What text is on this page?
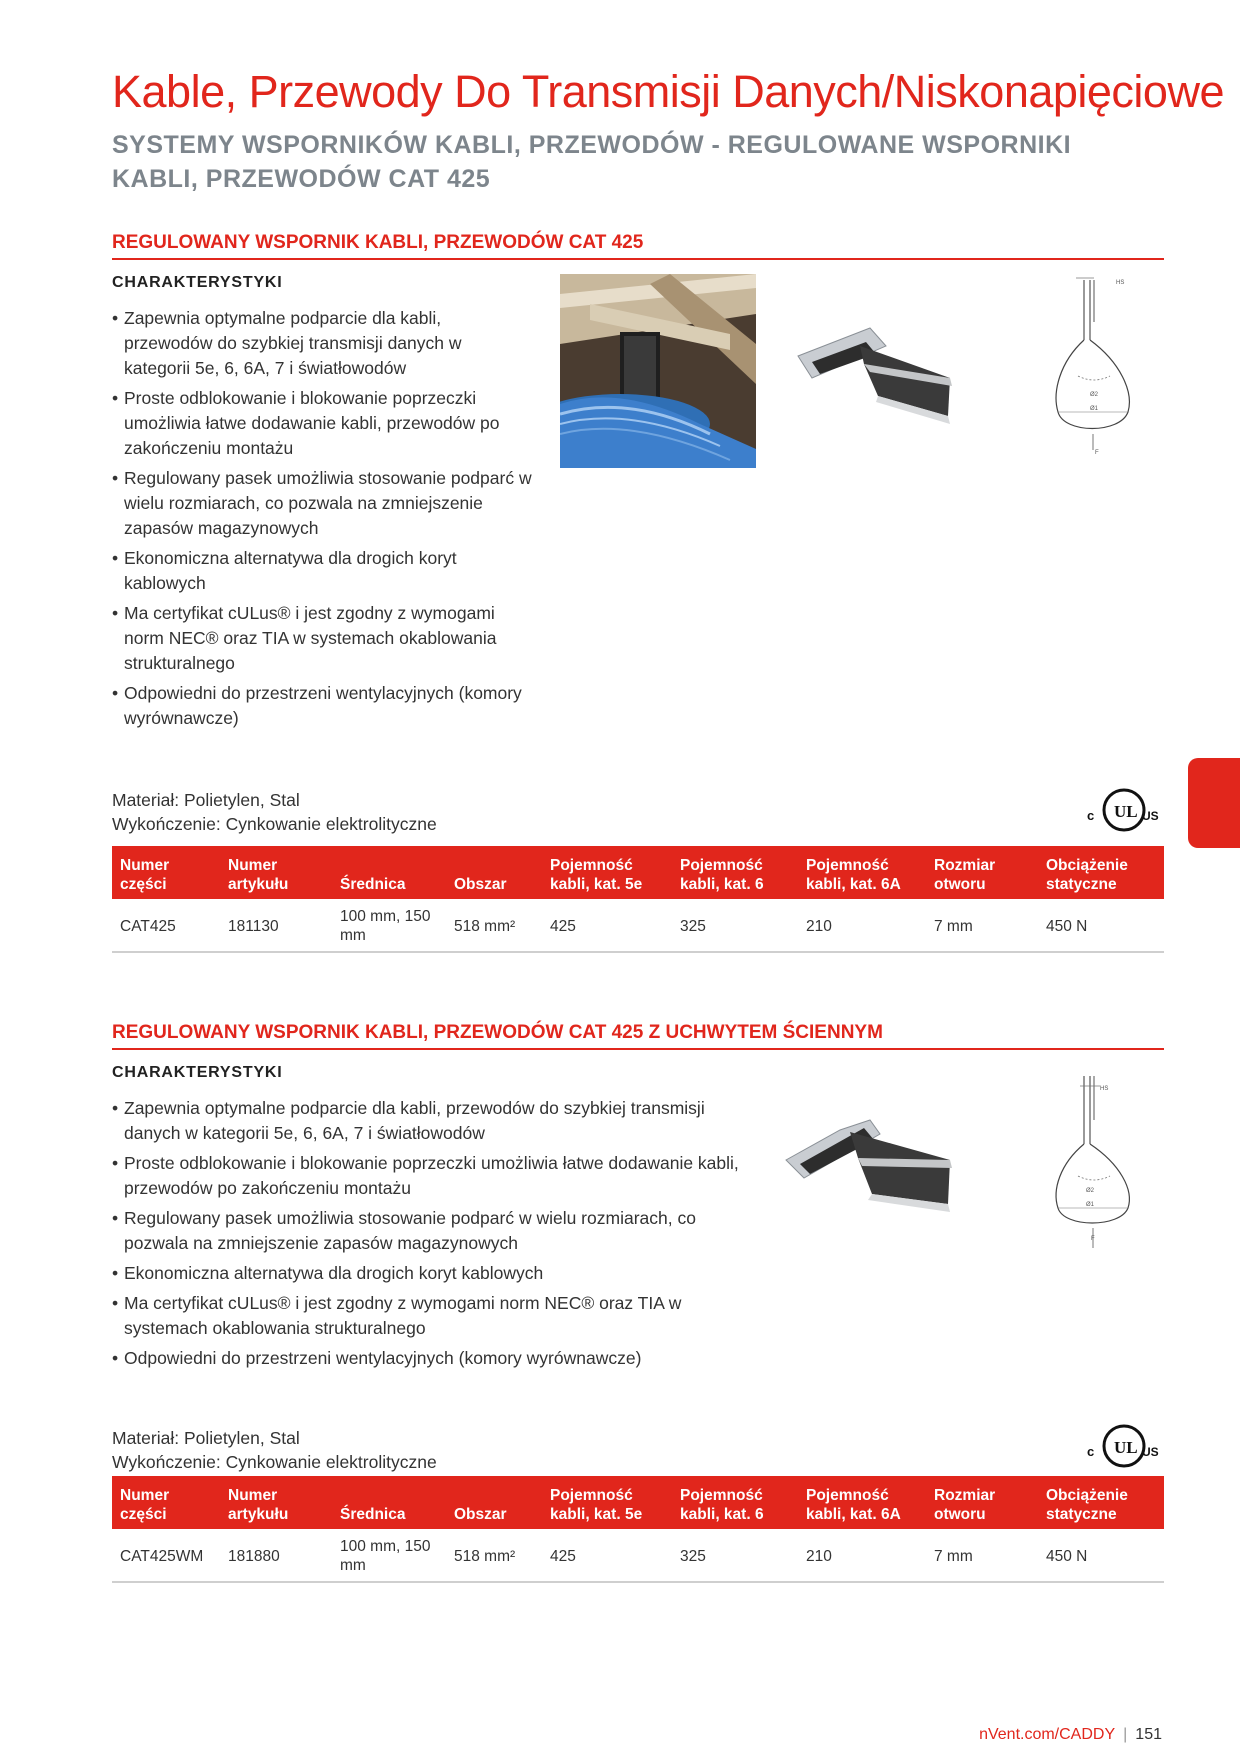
Kable, Przewody Do Transmisji Danych/Niskonapięciowe
SYSTEMY WSPORNIKÓW KABLI, PRZEWODÓW - REGULOWANE WSPORNIKI KABLI, PRZEWODÓW CAT 425
REGULOWANY WSPORNIK KABLI, PRZEWODÓW CAT 425
CHARAKTERYSTYKI
• Zapewnia optymalne podparcie dla kabli, przewodów do szybkiej transmisji danych w kategorii 5e, 6, 6A, 7 i światłowodów
• Proste odblokowanie i blokowanie poprzeczki umożliwia łatwe dodawanie kabli, przewodów po zakończeniu montażu
• Regulowany pasek umożliwia stosowanie podparć w wielu rozmiarach, co pozwala na zmniejszenie zapasów magazynowych
• Ekonomiczna alternatywa dla drogich koryt kablowych
• Ma certyfikat cULus® i jest zgodny z wymogami norm NEC® oraz TIA w systemach okablowania strukturalnego
• Odpowiedni do przestrzeni wentylacyjnych (komory wyrównawcze)
HS
Ø2
Ø1
F
Materiał: Polietylen, Stal
Wykończenie: Cynkowanie elektrolityczne	c UL US
Numer części	Numer artykułu	Średnica	Obszar	Pojemność kabli, kat. 5e	Pojemność kabli, kat. 6	Pojemność kabli, kat. 6A	Rozmiar otworu	Obciążenie statyczne
CAT425	181130	100 mm, 150 mm	518 mm²	425	325	210	7 mm	450 N
REGULOWANY WSPORNIK KABLI, PRZEWODÓW CAT 425 Z UCHWYTEM ŚCIENNYM
CHARAKTERYSTYKI
• Zapewnia optymalne podparcie dla kabli, przewodów do szybkiej transmisji danych w kategorii 5e, 6, 6A, 7 i światłowodów
• Proste odblokowanie i blokowanie poprzeczki umożliwia łatwe dodawanie kabli, przewodów po zakończeniu montażu
• Regulowany pasek umożliwia stosowanie podparć w wielu rozmiarach, co pozwala na zmniejszenie zapasów magazynowych
• Ekonomiczna alternatywa dla drogich koryt kablowych
• Ma certyfikat cULus® i jest zgodny z wymogami norm NEC® oraz TIA w systemach okablowania strukturalnego
• Odpowiedni do przestrzeni wentylacyjnych (komory wyrównawcze)
HS
Ø2
Ø1
F
Materiał: Polietylen, Stal
Wykończenie: Cynkowanie elektrolityczne
c UL US
Numer części	Numer artykułu	Średnica	Obszar	Pojemność kabli, kat. 5e	Pojemność kabli, kat. 6	Pojemność kabli, kat. 6A	Rozmiar otworu	Obciążenie statyczne
CAT425WM	181880	100 mm, 150 mm	518 mm²	425	325	210	7 mm	450 N
nVent.com/CADDY | 151
